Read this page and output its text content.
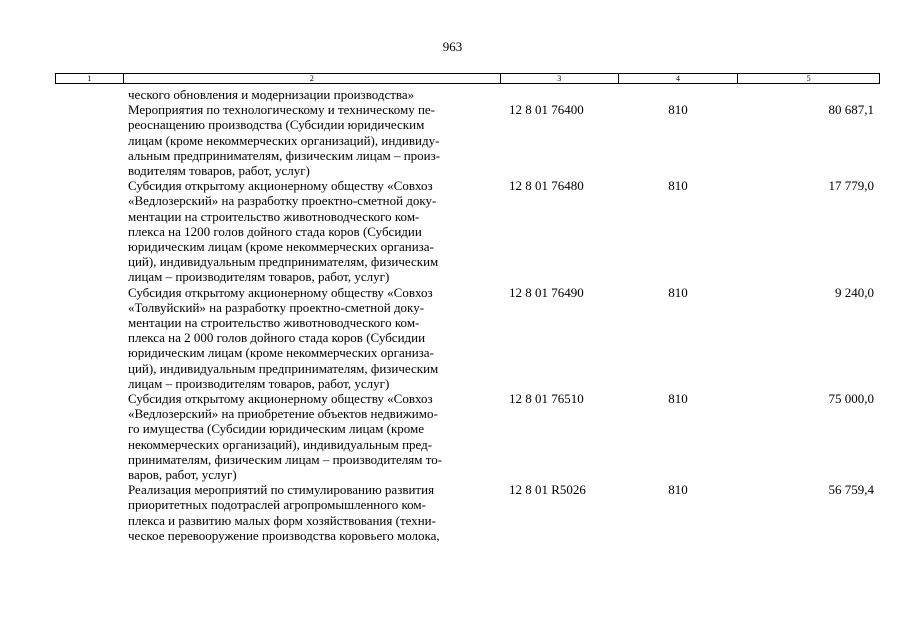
963
1	2	3	4	5
ческого обновления и модернизации производства»
Мероприятия по технологическому и техническому пе-
реоснащению производства (Субсидии юридическим
лицам (кроме некоммерческих организаций), индивиду-
альным предпринимателям, физическим лицам – произ-
водителям товаров, работ, услуг)
12 8 01 76400	810	80 687,1
Субсидия открытому акционерному обществу «Совхоз
«Ведлозерский» на разработку проектно-сметной доку-
ментации на строительство животноводческого ком-
плекса на 1200 голов дойного стада коров (Субсидии
юридическим лицам (кроме некоммерческих организа-
ций), индивидуальным предпринимателям, физическим
лицам – производителям товаров, работ, услуг)
12 8 01 76480	810	17 779,0
Субсидия открытому акционерному обществу «Совхоз
«Толвуйский» на разработку проектно-сметной доку-
ментации на строительство животноводческого ком-
плекса на 2 000 голов дойного стада коров (Субсидии
юридическим лицам (кроме некоммерческих организа-
ций), индивидуальным предпринимателям, физическим
лицам – производителям товаров, работ, услуг)
12 8 01 76490	810	9 240,0
Субсидия открытому акционерному обществу «Совхоз
«Ведлозерский» на приобретение объектов недвижимо-
го имущества (Субсидии юридическим лицам (кроме
некоммерческих организаций), индивидуальным пред-
принимателям, физическим лицам – производителям то-
варов, работ, услуг)
12 8 01 76510	810	75 000,0
Реализация мероприятий по стимулированию развития
приоритетных подотраслей агропромышленного ком-
плекса и развитию малых форм хозяйствования (техни-
ческое перевооружение производства коровьего молока,
12 8 01 R5026	810	56 759,4
